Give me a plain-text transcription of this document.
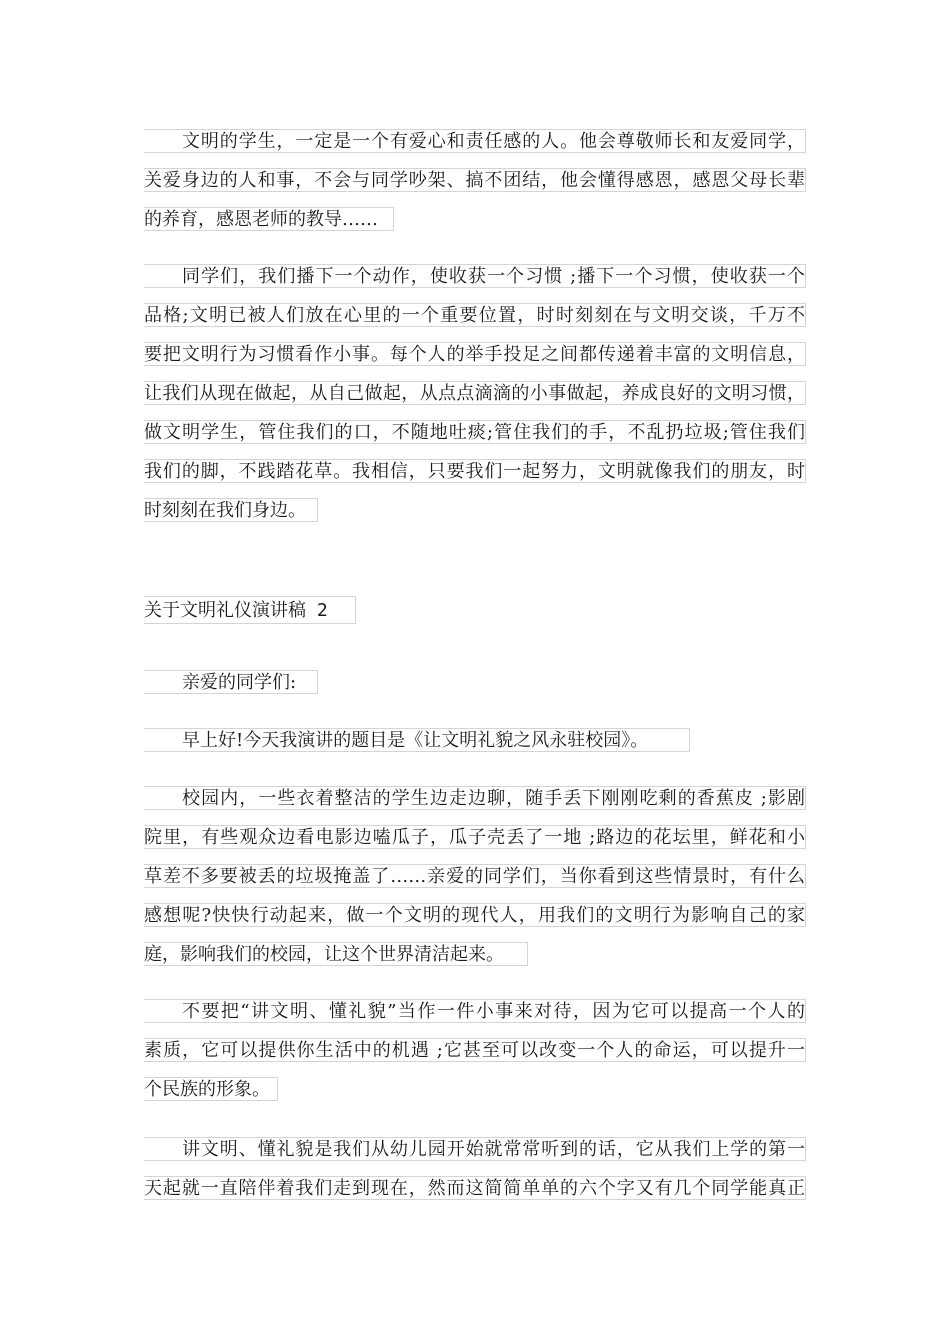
文明的学生，一定是一个有爱心和责任感的人。他会尊敬师长和友爱同学，
关爱身边的人和事，不会与同学吵架、搞不团结，他会懂得感恩，感恩父母长辈
的养育，感恩老师的教导……
同学们，我们播下一个动作，使收获一个习惯 ;播下一个习惯，使收获一个
品格;文明已被人们放在心里的一个重要位置，时时刻刻在与文明交谈，千万不
要把文明行为习惯看作小事。每个人的举手投足之间都传递着丰富的文明信息，
让我们从现在做起，从自己做起，从点点滴滴的小事做起，养成良好的文明习惯，
做文明学生，管住我们的口，不随地吐痰;管住我们的手，不乱扔垃圾;管住我们
我们的脚，不践踏花草。我相信，只要我们一起努力，文明就像我们的朋友，时
时刻刻在我们身边。
关于文明礼仪演讲稿 2
亲爱的同学们:
早上好!今天我演讲的题目是《让文明礼貌之风永驻校园》。
校园内，一些衣着整洁的学生边走边聊，随手丢下刚刚吃剩的香蕉皮 ;影剧
院里，有些观众边看电影边嗑瓜子，瓜子壳丢了一地 ;路边的花坛里，鲜花和小
草差不多要被丢的垃圾掩盖了……亲爱的同学们，当你看到这些情景时，有什么
感想呢?快快行动起来，做一个文明的现代人，用我们的文明行为影响自己的家
庭，影响我们的校园，让这个世界清洁起来。
不要把“讲文明、懂礼貌”当作一件小事来对待，因为它可以提高一个人的
素质，它可以提供你生活中的机遇 ;它甚至可以改变一个人的命运，可以提升一
个民族的形象。
讲文明、懂礼貌是我们从幼儿园开始就常常听到的话，它从我们上学的第一
天起就一直陪伴着我们走到现在，然而这简简单单的六个字又有几个同学能真正
